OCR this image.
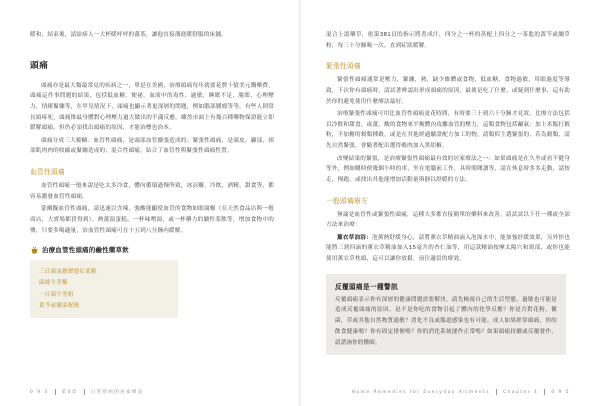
暖和，結束後，請給病人一大杯暖呼呼的薑茶，讓他直接溝進暖舒服的床鋪。

頭痛

頭痛亦是最大類最常見的疾病之一，單是在美國，治療頭痛每年就要花費十億美元購藥費。頭痛這件事問題的結果，包括低血糖，便祕，血液中的毒性，過敏，睡眠不足，脫眼，心理壓力，情緒緊繃等，在甲兒情況下，頭痛也顯示著更深層的問題，例如腦部腫瘤等等。有些人則常長頭疼死，頭痛惟最身體對心理壓力過大做出的不滿反應。雖然市面上有幾百種藥物保證能立即緩解頭痛，但仍必須找出頭痛的原因，才能治標也治本。

頭痛分成三大範疇：血管性頭痛，是頭部血管擴張造成的；緊張性頭痛，是頭皮，顳部，頸部肌肉肉的收縮或緊繃造成的；混合性頭痛，結合了血管性與緊張性頭痛性質。

血管性頭痛

血管性頭痛一般來說是吃太多冷食，體內循環過慢所致，冰涼瓣，冷飲，酒精，甜食等，都容易激發血管性頭痛。

蒙爾擬血管性頭痛，請迅速以含辣，強酸能顯使血管的食物如眼腐椒（在天然食品店與一般商店，大賣場都買得到）、熱薑湯蛋糕，一杯味噌湯，或一杯藥力的繃性茶飲等，增加食物中的鹽，只要多喝適量，治血管性頭痛可在十五到八分鐘內緩解。

治療血管性頭痛的鹼性藥草飲
三日菌沫瀝瀝提紅底粮
菌絲牛蒡椒
一日菌牛蒡粉
黃芩或繃菜配燒
0 9 4	第4章	日常疾病的居家療法

混合上溫藥草，依第381頁的指示將煮成汁，四分之一杯的蒸配上四分之一茶匙的黃芩或繃草粉，每三十分鐘喝一次，直到症狀緩解。

緊張性頭痛

緊張性頭痛通常是壓力，緊繃，熱，缺少維體或食物，低血糖，食物過敏，用眼過度等導致，下次你有頭痛時，請試著辨認出形成頭痛的原因，最後是吃了什麼，或疑到什麼事，這有助於你的避免使用什麼療法最好。

治療緊張性頭痛可用比血管性頭痛更花時間，有時要三十到六十分鐘才見效，比療方法包括以冷飲和甜食，或薑，酸的食物來平衡體內攻離血管的壓力，這類食物包括鹼氣：加上米飯打穀粉，不加糖的穀類種穀，或是在其他經過驗證配方加工的物，請類似主選緊張的，若為穀類，請先自然緊張，會隨著配出選得穀肉加入黑胡椒。

改變結果的緊張，是治療緊張性頭痛最有效的居家療法之一：如果頭痛是在久坐或看不健身等外，例如購時便幾個小時的車，坐在電腦前工作，具時間閱讀等，請在休息時多多走動，請按走，慢跑，或找出其他能增加活動量與靜以舒緩的方法。

一般頭痛療方

無論是血管性或緊張性頭痛，這種大多都直接簡單的藥料來改善，請試試以下任一種或全部方法來治療：

薰衣草油浴：泡薰熱舒緩身心，請將薰衣草精油滴入泡澡水中，能加強紓緩效果，另外你也能將三到四滴的薰衣草精油加入15毫升的杏仁油等，用這款精油按摩太陽穴和頸部，或你也能使用薰衣草枕頭，這可以讓你放鬆，前往適當的療效。

反覆頭痛是一種警訊

反覆頭痛表示你有深層的健康問題需要解決，請先檢視自己的生活型態，過敏也可能是造成反覆頭痛的原因，是不是你吃的食物引起了體內的化學反應？你是否對花粉，黴菌，草或其他自然物質過敏？消化不良或腸道感染也有可能，成人如果經常頭痛，你的飲食健康嗎？你有固定排便嗎？你的消化系統運作正常嗎？如果頭痛持續或反覆發作，請諮詢你的醫師。

Home Remedies for Everyday Ailments	Chapter 4	0 9 5
